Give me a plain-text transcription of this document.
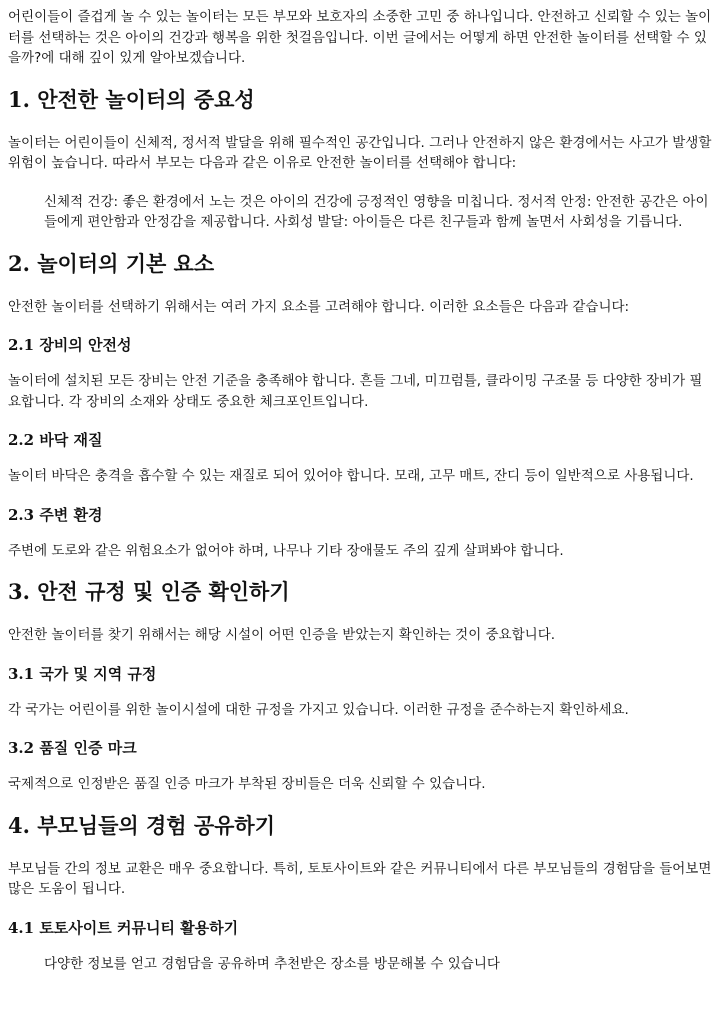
어린이들이 즐겁게 놀 수 있는 놀이터는 모든 부모와 보호자의 소중한 고민 중 하나입니다. 안전하고 신뢰할 수 있는 놀이터를 선택하는 것은 아이의 건강과 행복을 위한 첫걸음입니다. 이번 글에서는 어떻게 하면 안전한 놀이터를 선택할 수 있을까?에 대해 깊이 있게 알아보겠습니다.

1. 안전한 놀이터의 중요성

놀이터는 어린이들이 신체적, 정서적 발달을 위해 필수적인 공간입니다. 그러나 안전하지 않은 환경에서는 사고가 발생할 위험이 높습니다. 따라서 부모는 다음과 같은 이유로 안전한 놀이터를 선택해야 합니다:

신체적 건강: 좋은 환경에서 노는 것은 아이의 건강에 긍정적인 영향을 미칩니다. 정서적 안정: 안전한 공간은 아이들에게 편안함과 안정감을 제공합니다. 사회성 발달: 아이들은 다른 친구들과 함께 놀면서 사회성을 기릅니다.
2. 놀이터의 기본 요소

안전한 놀이터를 선택하기 위해서는 여러 가지 요소를 고려해야 합니다. 이러한 요소들은 다음과 같습니다:

2.1 장비의 안전성

놀이터에 설치된 모든 장비는 안전 기준을 충족해야 합니다. 흔들 그네, 미끄럼틀, 클라이밍 구조물 등 다양한 장비가 필요합니다. 각 장비의 소재와 상태도 중요한 체크포인트입니다.

2.2 바닥 재질

놀이터 바닥은 충격을 흡수할 수 있는 재질로 되어 있어야 합니다. 모래, 고무 매트, 잔디 등이 일반적으로 사용됩니다.

2.3 주변 환경

주변에 도로와 같은 위험요소가 없어야 하며, 나무나 기타 장애물도 주의 깊게 살펴봐야 합니다.

3. 안전 규정 및 인증 확인하기

안전한 놀이터를 찾기 위해서는 해당 시설이 어떤 인증을 받았는지 확인하는 것이 중요합니다.

3.1 국가 및 지역 규정

각 국가는 어린이를 위한 놀이시설에 대한 규정을 가지고 있습니다. 이러한 규정을 준수하는지 확인하세요.

3.2 품질 인증 마크

국제적으로 인정받은 품질 인증 마크가 부착된 장비들은 더욱 신뢰할 수 있습니다.

4. 부모님들의 경험 공유하기

부모님들 간의 정보 교환은 매우 중요합니다. 특히, 토토사이트와 같은 커뮤니티에서 다른 부모님들의 경험담을 들어보면 많은 도움이 됩니다.

4.1 토토사이트 커뮤니티 활용하기
다양한 정보를 얻고 경험담을 공유하며 추천받은 장소를 방문해볼 수 있습니다
